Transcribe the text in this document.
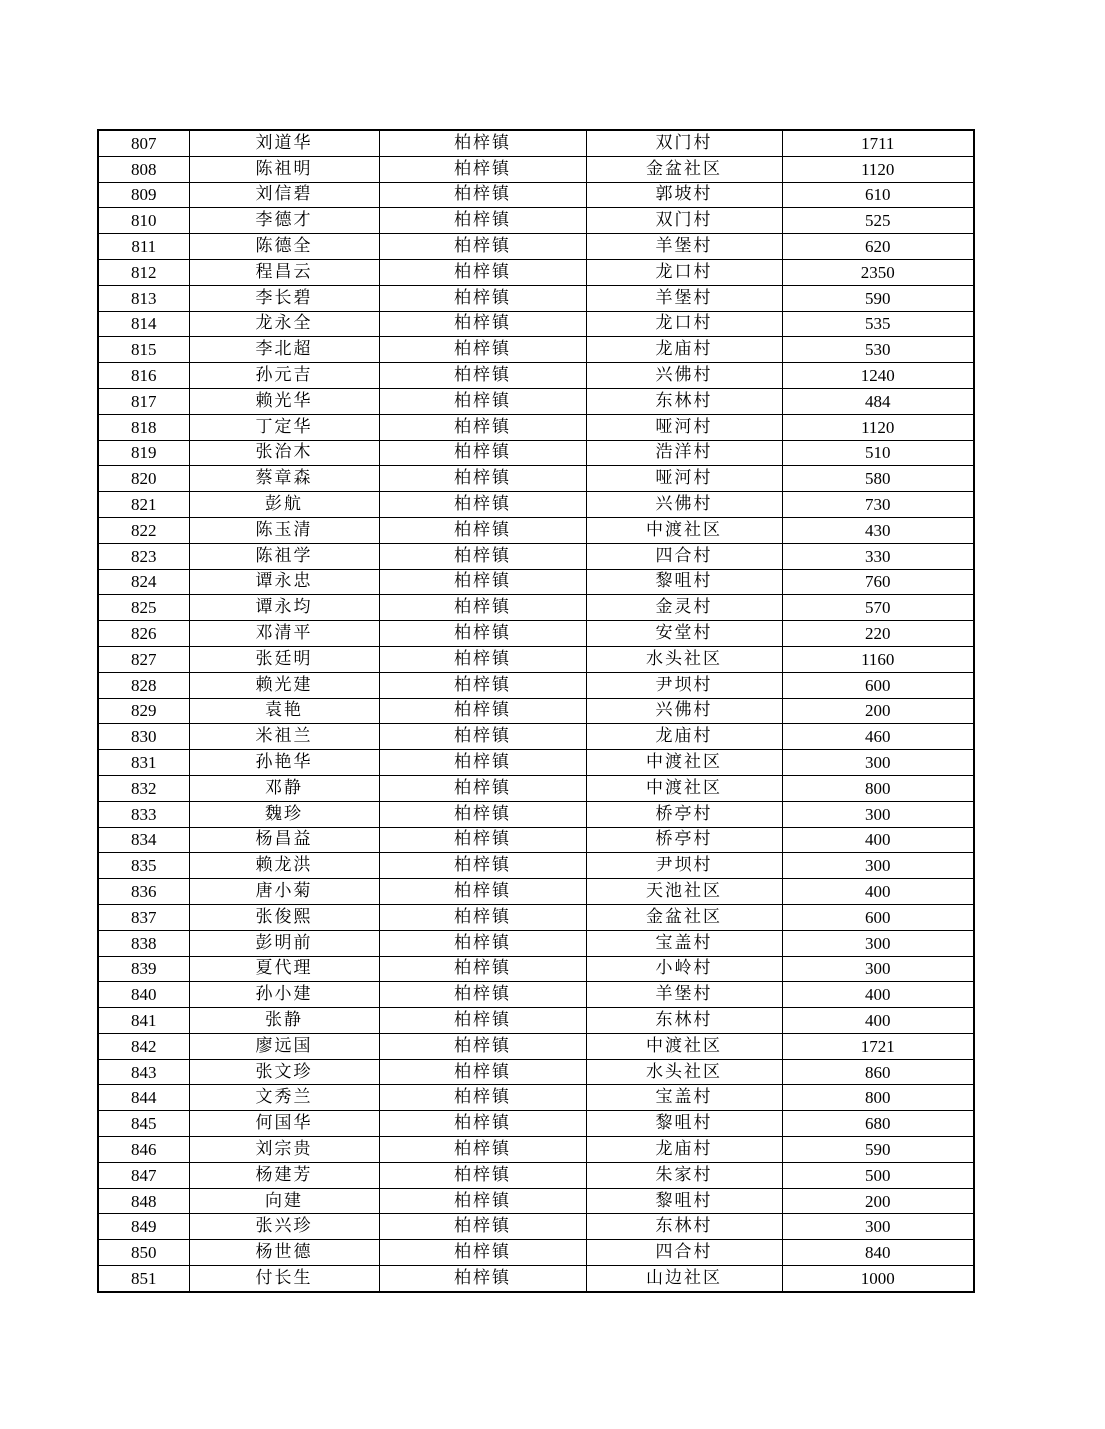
807	刘道华	柏梓镇	双门村	1711
808	陈祖明	柏梓镇	金盆社区	1120
809	刘信碧	柏梓镇	郭坡村	610
810	李德才	柏梓镇	双门村	525
811	陈德全	柏梓镇	羊堡村	620
812	程昌云	柏梓镇	龙口村	2350
813	李长碧	柏梓镇	羊堡村	590
814	龙永全	柏梓镇	龙口村	535
815	李北超	柏梓镇	龙庙村	530
816	孙元吉	柏梓镇	兴佛村	1240
817	赖光华	柏梓镇	东林村	484
818	丁定华	柏梓镇	哑河村	1120
819	张治木	柏梓镇	浩洋村	510
820	蔡章森	柏梓镇	哑河村	580
821	彭航	柏梓镇	兴佛村	730
822	陈玉清	柏梓镇	中渡社区	430
823	陈祖学	柏梓镇	四合村	330
824	谭永忠	柏梓镇	黎咀村	760
825	谭永均	柏梓镇	金灵村	570
826	邓清平	柏梓镇	安堂村	220
827	张廷明	柏梓镇	水头社区	1160
828	赖光建	柏梓镇	尹坝村	600
829	袁艳	柏梓镇	兴佛村	200
830	米祖兰	柏梓镇	龙庙村	460
831	孙艳华	柏梓镇	中渡社区	300
832	邓静	柏梓镇	中渡社区	800
833	魏珍	柏梓镇	桥亭村	300
834	杨昌益	柏梓镇	桥亭村	400
835	赖龙洪	柏梓镇	尹坝村	300
836	唐小菊	柏梓镇	天池社区	400
837	张俊熙	柏梓镇	金盆社区	600
838	彭明前	柏梓镇	宝盖村	300
839	夏代理	柏梓镇	小岭村	300
840	孙小建	柏梓镇	羊堡村	400
841	张静	柏梓镇	东林村	400
842	廖远国	柏梓镇	中渡社区	1721
843	张文珍	柏梓镇	水头社区	860
844	文秀兰	柏梓镇	宝盖村	800
845	何国华	柏梓镇	黎咀村	680
846	刘宗贵	柏梓镇	龙庙村	590
847	杨建芳	柏梓镇	朱家村	500
848	向建	柏梓镇	黎咀村	200
849	张兴珍	柏梓镇	东林村	300
850	杨世德	柏梓镇	四合村	840
851	付长生	柏梓镇	山边社区	1000
